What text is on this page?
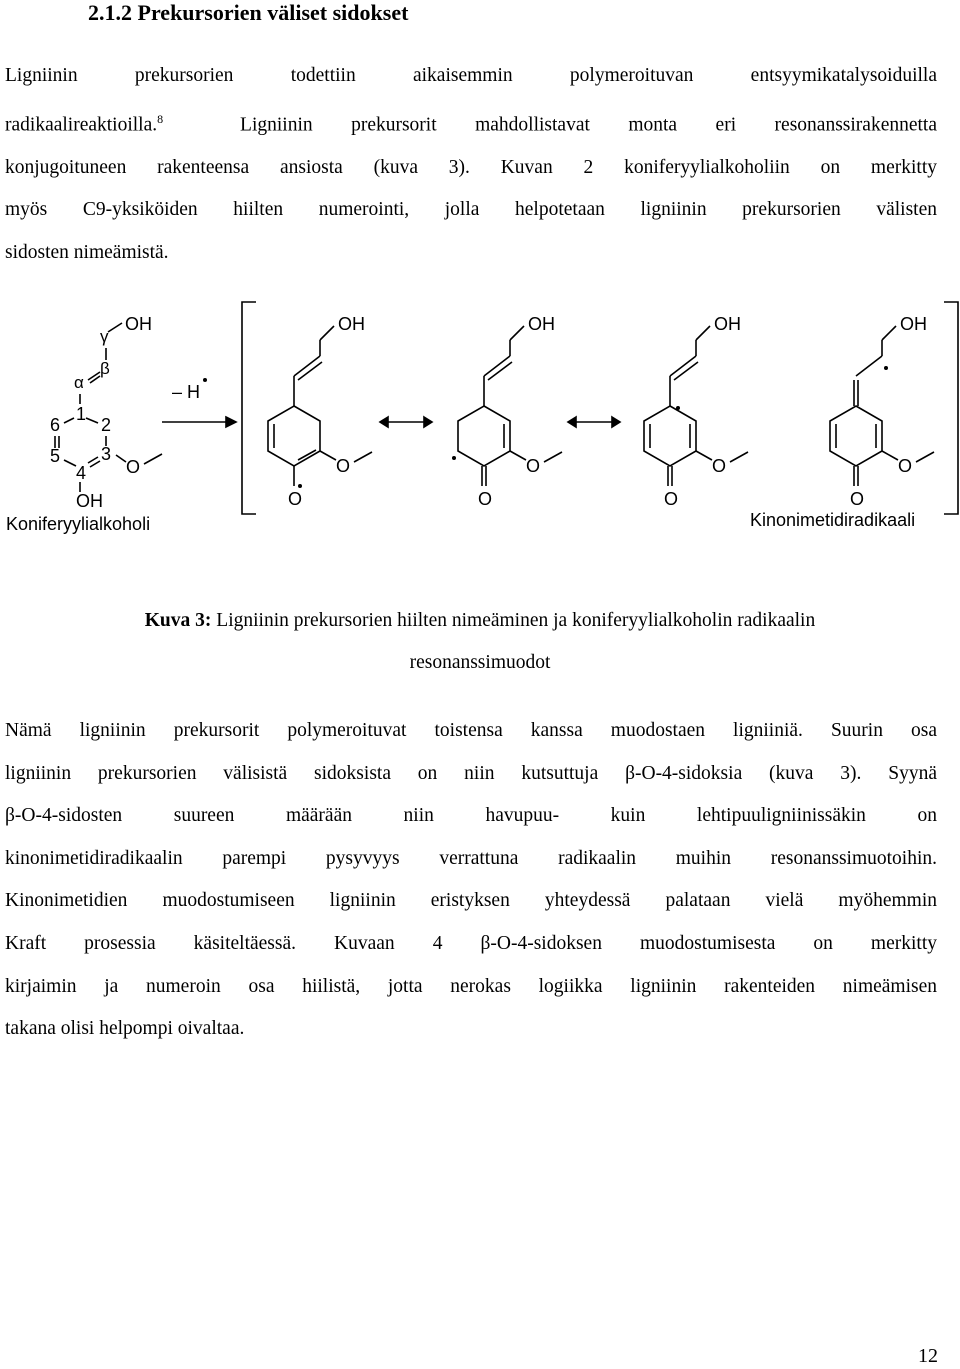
2.1.2 Prekursorien väliset sidokset
Ligniinin prekursorien todettiin aikaisemmin polymeroituvan entsyymikatalysoiduilla
radikaalireaktioilla.$^8$	Ligniinin prekursorit mahdollistavat monta eri resonanssirakennetta
konjugoituneen rakenteensa ansiosta (kuva 3). Kuvan 2 koniferyylialkoholiin on merkitty
myös C9-yksiköiden hiilten numerointi, jolla helpotetaan ligniinin prekursorien välisten
sidosten nimeämistä.
OH
γ
β
α
1
6 2
5 3
4 O
OH
Koniferyylialkoholi
– H
OH
O
O
OH
O
O
OH
O
O
OH
O
O
Kinonimetidiradikaali
Kuva 3: Ligniinin prekursorien hiilten nimeäminen ja koniferyylialkoholin radikaalin
resonanssimuodot
Nämä ligniinin prekursorit polymeroituvat toistensa kanssa muodostaen ligniiniä. Suurin osa
ligniinin prekursorien välisistä sidoksista on niin kutsuttuja β-O-4-sidoksia (kuva 3). Syynä
β-O-4-sidosten suureen määrään niin havupuu- kuin lehtipuuligniinissäkin on
kinonimetidiradikaalin parempi pysyvyys verrattuna radikaalin muihin resonanssimuotoihin.
Kinonimetidien muodostumiseen ligniinin eristyksen yhteydessä palataan vielä myöhemmin
Kraft prosessia käsiteltäessä. Kuvaan 4 β-O-4-sidoksen muodostumisesta on merkitty
kirjaimin ja numeroin osa hiilistä, jotta nerokas logiikka ligniinin rakenteiden nimeämisen
takana olisi helpompi oivaltaa.
12
